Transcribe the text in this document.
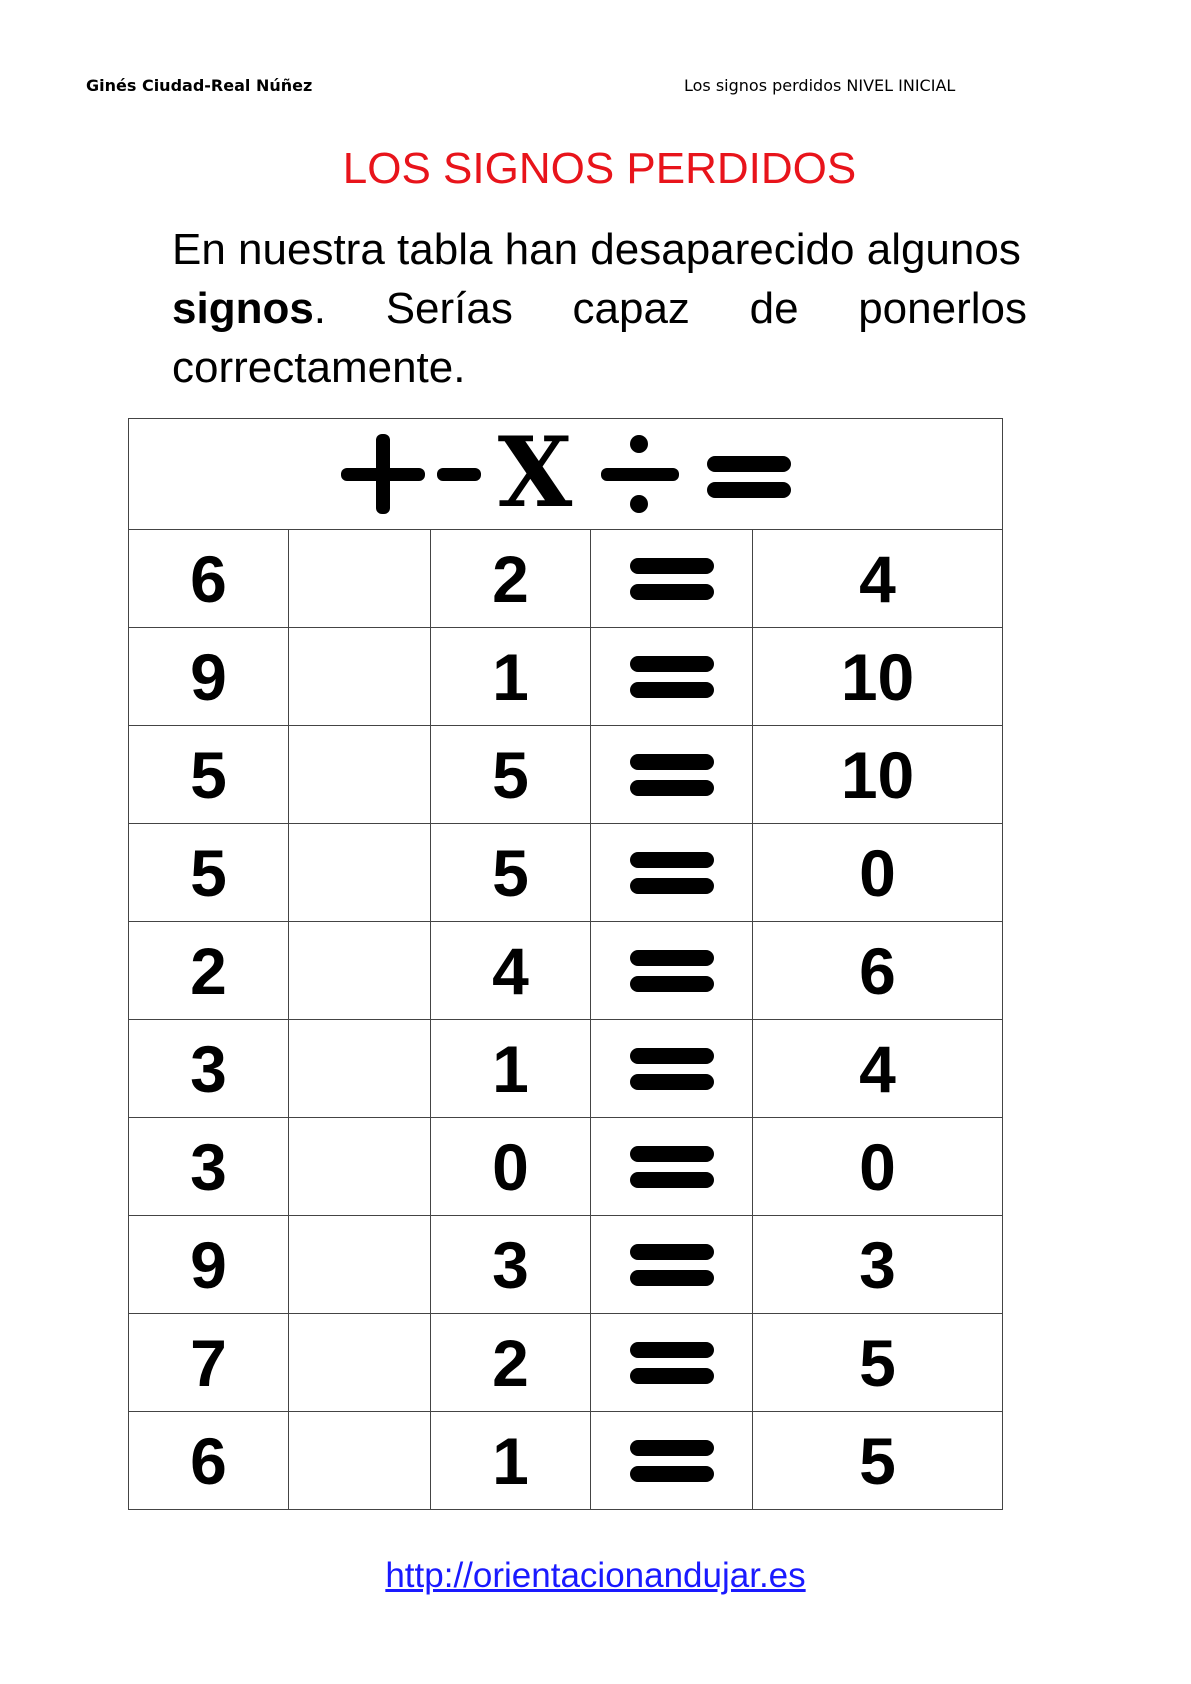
Ginés Ciudad-Real Núñez	Los signos perdidos NIVEL INICIAL
LOS SIGNOS PERDIDOS
En nuestra tabla han desaparecido algunos
signos. Serías capaz de ponerlos
correctamente.
X				

6		2		4
9		1		10
5		5		10
5		5		0
2		4		6
3		1		4
3		0		0
9		3		3
7		2		5
6		1		5
http://orientacionandujar.es
